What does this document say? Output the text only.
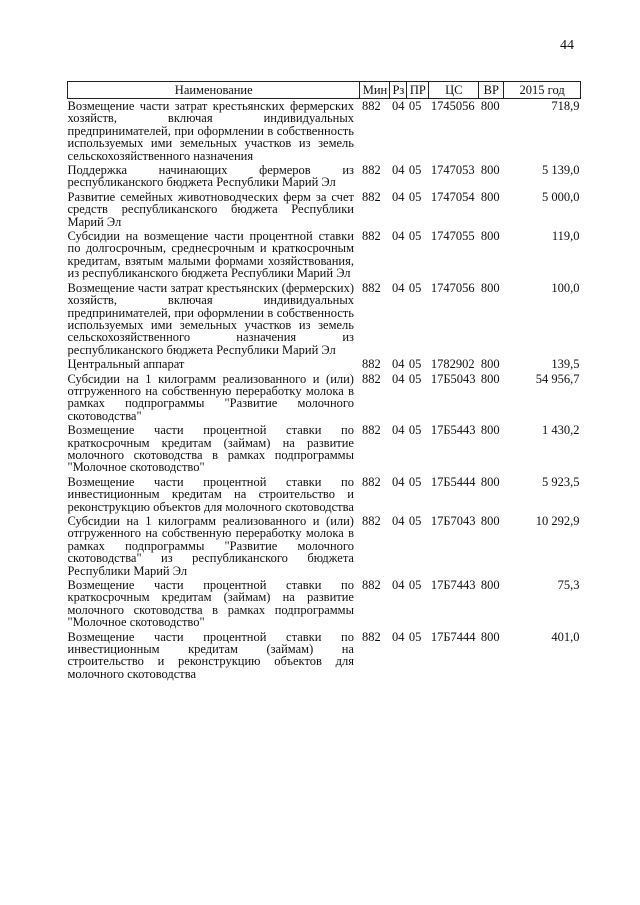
44
Наименование	Мин	Рз	ПР	ЦС	ВР	2015 год
Возмещение части затрат крестьянских фермерских хозяйств, включая индивидуальных предпринимателей, при оформлении в собственность используемых ими земельных участков из земель сельскохозяйственного назначения	882	04	05	1745056	800	718,9
Поддержка начинающих фермеров из республиканского бюджета Республики Марий Эл	882	04	05	1747053	800	5 139,0
Развитие семейных животноводческих ферм за счет средств республиканского бюджета Республики Марий Эл	882	04	05	1747054	800	5 000,0
Субсидии на возмещение части процентной ставки по долгосрочным, среднесрочным и краткосрочным кредитам, взятым малыми формами хозяйствования, из республиканского бюджета Республики Марий Эл	882	04	05	1747055	800	119,0
Возмещение части затрат крестьянских (фермерских) хозяйств, включая индивидуальных предпринимателей, при оформлении в собственность используемых ими земельных участков из земель сельскохозяйственного назначения из республиканского бюджета Республики Марий Эл	882	04	05	1747056	800	100,0
Центральный аппарат	882	04	05	1782902	800	139,5
Субсидии на 1 килограмм реализованного и (или) отгруженного на собственную переработку молока в рамках подпрограммы "Развитие молочного скотоводства"	882	04	05	17Б5043	800	54 956,7
Возмещение части процентной ставки по краткосрочным кредитам (займам) на развитие молочного скотоводства в рамках подпрограммы "Молочное скотоводство"	882	04	05	17Б5443	800	1 430,2
Возмещение части процентной ставки по инвестиционным кредитам на строительство и реконструкцию объектов для молочного скотоводства	882	04	05	17Б5444	800	5 923,5
Субсидии на 1 килограмм реализованного и (или) отгруженного на собственную переработку молока в рамках подпрограммы "Развитие молочного скотоводства" из республиканского бюджета Республики Марий Эл	882	04	05	17Б7043	800	10 292,9
Возмещение части процентной ставки по краткосрочным кредитам (займам) на развитие молочного скотоводства в рамках подпрограммы "Молочное скотоводство"	882	04	05	17Б7443	800	75,3
Возмещение части процентной ставки по инвестиционным кредитам (займам) на строительство и реконструкцию объектов для молочного скотоводства	882	04	05	17Б7444	800	401,0
